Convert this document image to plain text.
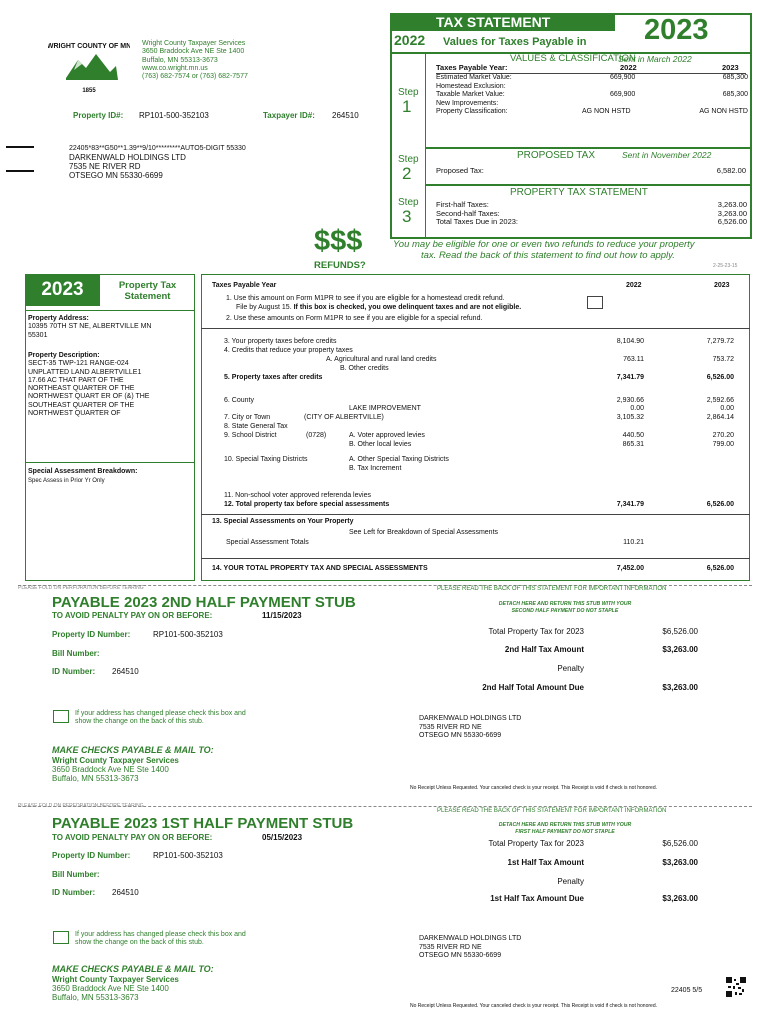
WRIGHT COUNTY OF MN
1855
Wright County Taxpayer Services
3650 Braddock Ave NE Ste 1400
Buffalo, MN 55313-3673
www.co.wright.mn.us
(763) 682-7574 or (763) 682-7577
Property ID#: RP101-500-352103	Taxpayer ID#: 264510
22405*83**G50**1.39**9/10*********AUTO5-DIGIT 55330
DARKENWALD HOLDINGS LTD
7535 NE RIVER RD
OTSEGO MN 55330-6699
TAX STATEMENT	2023
2022 Values for Taxes Payable in
Step
1
VALUES & CLASSIFICATION
Sent in March 2022
Taxes Payable Year:	2022	2023
Estimated Market Value:	669,900	685,300
Homestead Exclusion:
Taxable Market Value:	669,900	685,300
New Improvements:
Property Classification:	AG NON HSTD	AG NON HSTD
Step
2
PROPOSED TAX	Sent in November 2022
Proposed Tax:	6,582.00
Step
3
PROPERTY TAX STATEMENT
First-half Taxes:	3,263.00
Second-half Taxes:	3,263.00
Total Taxes Due in 2023:	6,526.00
$$$
REFUNDS?
You may be eligible for one or even two refunds to reduce your property
tax. Read the back of this statement to find out how to apply.
2-25-23-15
2023	Property Tax
Statement
Property Address:
10395 70TH ST NE, ALBERTVILLE MN
55301
Property Description:
SECT-35 TWP-121 RANGE-024
UNPLATTED LAND ALBERTVILLE1
17.66 AC THAT PART OF THE
NORTHEAST QUARTER OF THE
NORTHWEST QUART ER OF (&) THE
SOUTHEAST QUARTER OF THE
NORTHWEST QUARTER OF
Special Assessment Breakdown:
Spec Assess in Prior Yr Only
Taxes Payable Year	2022	2023
1. Use this amount on Form M1PR to see if you are eligible for a homestead credit refund.
File by August 15. If this box is checked, you owe delinquent taxes and are not eligible.
2. Use these amounts on Form M1PR to see if you are eligible for a special refund.
3. Your property taxes before credits	8,104.90	7,279.72
4. Credits that reduce your property taxes
A. Agricultural and rural land credits	763.11	753.72
B. Other credits
5. Property taxes after credits	7,341.79	6,526.00
6. County	2,930.66	2,592.66
LAKE IMPROVEMENT	0.00	0.00
7. City or Town	(CITY OF ALBERTVILLE)	3,105.32	2,864.14
8. State General Tax
9. School District	(0728)	A. Voter approved levies	440.50	270.20
B. Other local levies	865.31	799.00
10. Special Taxing Districts	A. Other Special Taxing Districts
B. Tax Increment
11. Non-school voter approved referenda levies
12. Total property tax before special assessments	7,341.79	6,526.00
13. Special Assessments on Your Property
See Left for Breakdown of Special Assessments
Special Assessment Totals	110.21
14. YOUR TOTAL PROPERTY TAX AND SPECIAL ASSESSMENTS	7,452.00	6,526.00
PLEASE FOLD ON PERFORATION BEFORE TEARING	PLEASE READ THE BACK OF THIS STATEMENT FOR IMPORTANT INFORMATION
PAYABLE 2023 2ND HALF PAYMENT STUB
TO AVOID PENALTY PAY ON OR BEFORE:	11/15/2023
DETACH HERE AND RETURN THIS STUB WITH YOUR
SECOND HALF PAYMENT DO NOT STAPLE
Property ID Number:	RP101-500-352103
Bill Number:
ID Number: 264510
Total Property Tax for 2023	$6,526.00
2nd Half Tax Amount	$3,263.00
Penalty
2nd Half Total Amount Due	$3,263.00
If your address has changed please check this box and
show the change on the back of this stub.	DARKENWALD HOLDINGS LTD
7535 RIVER RD NE
OTSEGO MN 55330-6699
MAKE CHECKS PAYABLE & MAIL TO:
Wright County Taxpayer Services
3650 Braddock Ave NE Ste 1400
Buffalo, MN 55313-3673
No Receipt Unless Requested. Your canceled check is your receipt. This Receipt is void if check is not honored.
PLEASE FOLD ON PERFORATION BEFORE TEARING
PLEASE READ THE BACK OF THIS STATEMENT FOR IMPORTANT INFORMATION
PAYABLE 2023 1ST HALF PAYMENT STUB
TO AVOID PENALTY PAY ON OR BEFORE:	05/15/2023
DETACH HERE AND RETURN THIS STUB WITH YOUR
FIRST HALF PAYMENT DO NOT STAPLE
Property ID Number:	RP101-500-352103
Bill Number:
ID Number: 264510
Total Property Tax for 2023	$6,526.00
1st Half Tax Amount	$3,263.00
Penalty
1st Half Tax Amount Due	$3,263.00
If your address has changed please check this box and
show the change on the back of this stub.
DARKENWALD HOLDINGS LTD
7535 RIVER RD NE
OTSEGO MN 55330-6699
MAKE CHECKS PAYABLE & MAIL TO:
Wright County Taxpayer Services
3650 Braddock Ave NE Ste 1400
Buffalo, MN 55313-3673
22405 5/5
No Receipt Unless Requested. Your canceled check is your receipt. This Receipt is void if check is not honored.
